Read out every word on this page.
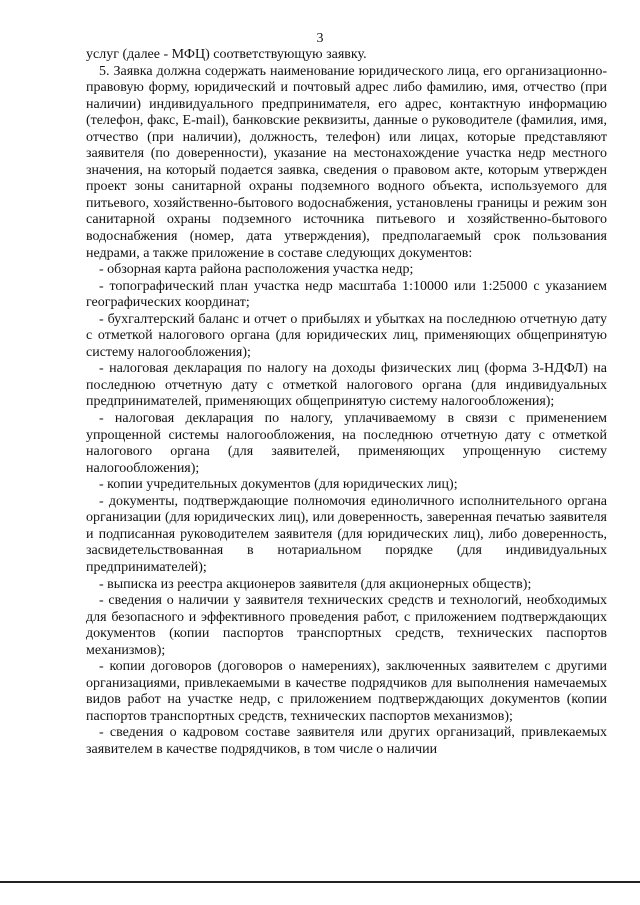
3

услуг (далее - МФЦ) соответствующую заявку.

5. Заявка должна содержать наименование юридического лица, его организационно-правовую форму, юридический и почтовый адрес либо фамилию, имя, отчество (при наличии) индивидуального предпринимателя, его адрес, контактную информацию (телефон, факс, E-mail), банковские реквизиты, данные о руководителе (фамилия, имя, отчество (при наличии), должность, телефон) или лицах, которые представляют заявителя (по доверенности), указание на местонахождение участка недр местного значения, на который подается заявка, сведения о правовом акте, которым утвержден проект зоны санитарной охраны подземного водного объекта, используемого для питьевого, хозяйственно-бытового водоснабжения, установлены границы и режим зон санитарной охраны подземного источника питьевого и хозяйственно-бытового водоснабжения (номер, дата утверждения), предполагаемый срок пользования недрами, а также приложение в составе следующих документов:

- обзорная карта района расположения участка недр;

- топографический план участка недр масштаба 1:10000 или 1:25000 с указанием географических координат;

- бухгалтерский баланс и отчет о прибылях и убытках на последнюю отчетную дату с отметкой налогового органа (для юридических лиц, применяющих общепринятую систему налогообложения);

- налоговая декларация по налогу на доходы физических лиц (форма 3-НДФЛ) на последнюю отчетную дату с отметкой налогового органа (для индивидуальных предпринимателей, применяющих общепринятую систему налогообложения);

- налоговая декларация по налогу, уплачиваемому в связи с применением упрощенной системы налогообложения, на последнюю отчетную дату с отметкой налогового органа (для заявителей, применяющих упрощенную систему налогообложения);

- копии учредительных документов (для юридических лиц);

- документы, подтверждающие полномочия единоличного исполнительного органа организации (для юридических лиц), или доверенность, заверенная печатью заявителя и подписанная руководителем заявителя (для юридических лиц), либо доверенность, засвидетельствованная в нотариальном порядке (для индивидуальных предпринимателей);

- выписка из реестра акционеров заявителя (для акционерных обществ);

- сведения о наличии у заявителя технических средств и технологий, необходимых для безопасного и эффективного проведения работ, с приложением подтверждающих документов (копии паспортов транспортных средств, технических паспортов механизмов);

- копии договоров (договоров о намерениях), заключенных заявителем с другими организациями, привлекаемыми в качестве подрядчиков для выполнения намечаемых видов работ на участке недр, с приложением подтверждающих документов (копии паспортов транспортных средств, технических паспортов механизмов);

- сведения о кадровом составе заявителя или других организаций, привлекаемых заявителем в качестве подрядчиков, в том числе о наличии
